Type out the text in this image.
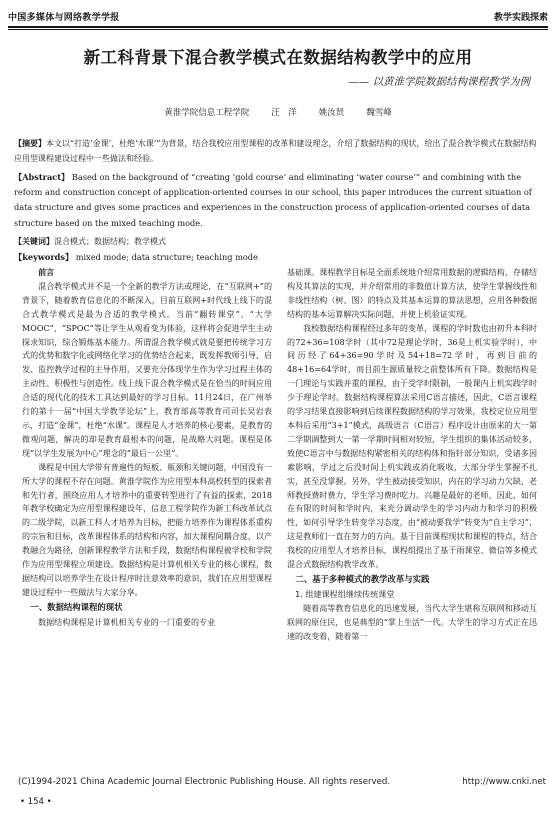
中国多媒体与网络教学学报	教学实践探索
新工科背景下混合教学模式在数据结构教学中的应用
—— 以黄淮学院数据结构课程教学为例
黄淮学院信息工程学院	汪　洋	姚汝贤	魏雪峰
【摘要】本文以“打造‘金课’，杜绝‘水课’”为背景，结合我校应用型课程的改革和建设理念，介绍了数据结构的现状，给出了混合教学模式在数据结构应用型课程建设过程中一些做法和经验。
【Abstract】 Based on the background of “creating ‘gold course’ and eliminating ‘water course’” and combining with the reform and construction concept of application-oriented courses in our school, this paper introduces the current situation of data structure and gives some practices and experiences in the construction process of application-oriented courses of data structure based on the mixed teaching mode.
【关键词】混合模式；数据结构；教学模式
【keywords】 mixed mode; data structure; teaching mode
前言

混合教学模式并不是一个全新的教学方法或理论，在“互联网+”的背景下，随着教育信息化的不断深入，目前互联网+时代线上线下的混合式教学模式是最为合适的教学模式。当前“翻转课堂”、“大学MOOC”、“SPOC”等让学生从观看变为体验，这样将会促进学生主动探求知识，综合锻炼基本能力。所谓混合教学模式就是要把传统学习方式的优势和数字化或网络化学习的优势结合起来，既发挥教师引导、启发、监控教学过程的主导作用，又要充分体现学生作为学习过程主体的主动性、积极性与创造性。线上线下混合教学模式是在恰当的时间应用合适的现代化的技术工具达到最好的学习目标。11月24日，在广州举行的第十一届“中国大学教学论坛”上，教育部高等教育司司长吴岩表示，打造“金课”，杜绝“水课”。课程是人才培养的核心要素，是教育的微观问题，解决的却是教育最根本的问题，是战略大问题。课程是体现“以学生发展为中心”理念的“最后一公里”。

课程是中国大学带有普遍性的短板、瓶颈和关键问题，中国没有一所大学的课程不存在问题。黄淮学院作为应用型本科高校转型的探索者和先行者，围绕应用人才培养中的重要转型进行了有益的探索，2018年教学校确定为应用型课程建设年，信息工程学院作为新工科改革试点的二级学院，以新工科人才培养为目标，把能力培养作为课程体系重构的宗旨和目标，改革课程体系的结构和内容，加大课程间耦合度，以产教融合为路径，创新课程教学方法和手段，数据结构课程被学校和学院作为应用型课程立项建设。数据结构是计算机相关专业的核心课程，数据结构可以培养学生在设计程序时注意效率的意识，我们在应用型课程建设过程中一些做法与大家分享。

一、数据结构课程的现状

数据结构课程是计算机相关专业的一门重要的专业

基础课。课程教学目标是全面系统地介绍常用数据的逻辑结构、存储结构及其算法的实现，并介绍常用的非数值计算方法，使学生掌握线性和非线性结构（树、图）的特点及其基本运算的算法思想，应用各种数据结构的基本运算解决实际问题，并使上机验证实现。

我校数据结构课程经过多年的变革，课程的学时数也由初升本科时的72+36=108学时（其中72是理论学时，36是上机实验学时），中间历经了64+36=90学时及54+18=72学时，再到目前的48+16=64学时，而目前生源质量较之前整体所有下降。数据结构是一门理论与实践并重的课程，由于受学时限制，一般课内上机实践学时少于理论学时。数据结构课程算法采用C语言描述，因此，C语言课程的学习结果直接影响到后续课程数据结构的学习效果，我校定位应用型本科后采用“3+1”模式，高级语言（C语言）程序设计由原来的大一第二学期调整到大一第一学期时间相对较短，学生组织的集体活动较多，致使C语言中与数据结构紧密相关的结构体和指针部分知识，受诸多因素影响，学过之后没时间上机实践或消化吸收，大部分学生掌握不扎实，甚至没掌握。另外，学生被动接受知识，内在的学习动力欠缺，老师教授费时费力，学生学习费时吃力。兴趣是最好的老师，因此，如何在有限的时间和学时内，来充分调动学生的学习内动力和学习的积极性，如何引导学生转变学习态度，由“被动要我学”转变为“自主学习”，这是教师们一直在努力的方向。基于目前课程现状和课程的特点，结合我校的应用型人才培养目标，课程组提出了基于雨课堂、微信等多模式混合式数据结构教学改革。

二、基于多种模式的教学改革与实践
1. 组建课程组继续传统课堂

随着高等教育信息化的迅速发展，当代大学生堪称互联网和移动互联网的原住民，也是典型的“掌上生活”一代。大学生的学习方式正在迅速的改变着，随着第一

(C)1994-2021 China Academic Journal Electronic Publishing House. All rights reserved.	http://www.cnki.net
• 154 •
